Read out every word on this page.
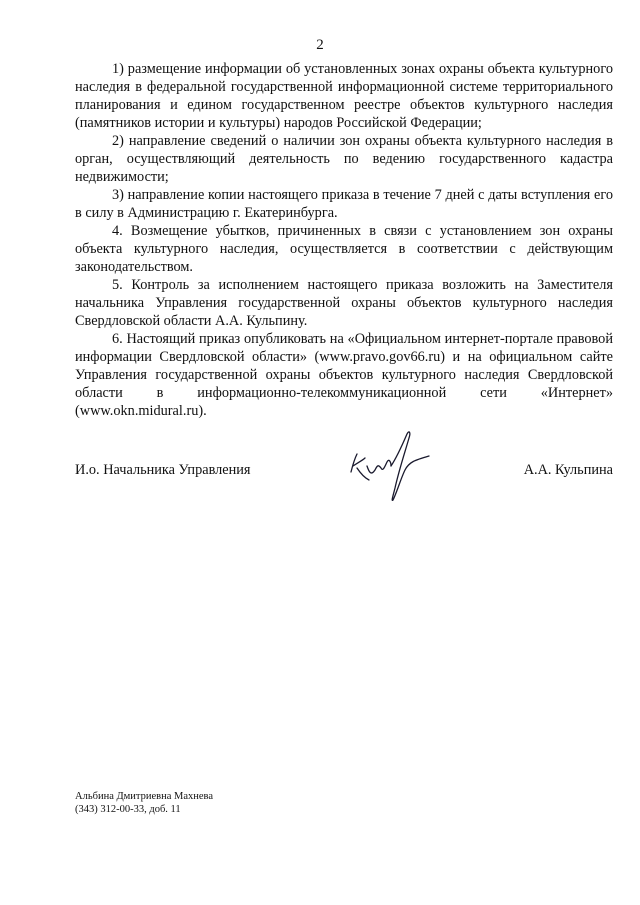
2

1) размещение информации об установленных зонах охраны объекта культурного наследия в федеральной государственной информационной системе территориального планирования и едином государственном реестре объектов культурного наследия (памятников истории и культуры) народов Российской Федерации;

2) направление сведений о наличии зон охраны объекта культурного наследия в орган, осуществляющий деятельность по ведению государственного кадастра недвижимости;

3) направление копии настоящего приказа в течение 7 дней с даты вступления его в силу в Администрацию г. Екатеринбурга.

4. Возмещение убытков, причиненных в связи с установлением зон охраны объекта культурного наследия, осуществляется в соответствии с действующим законодательством.

5. Контроль за исполнением настоящего приказа возложить на Заместителя начальника Управления государственной охраны объектов культурного наследия Свердловской области А.А. Кульпину.

6. Настоящий приказ опубликовать на «Официальном интернет-портале правовой информации Свердловской области» (www.pravo.gov66.ru) и на официальном сайте Управления государственной охраны объектов культурного наследия Свердловской области в информационно-телекоммуникационной сети «Интернет» (www.okn.midural.ru).

И.о. Начальника Управления	А.А. Кульпина
Альбина Дмитриевна Махнева
(343) 312-00-33, доб. 11
